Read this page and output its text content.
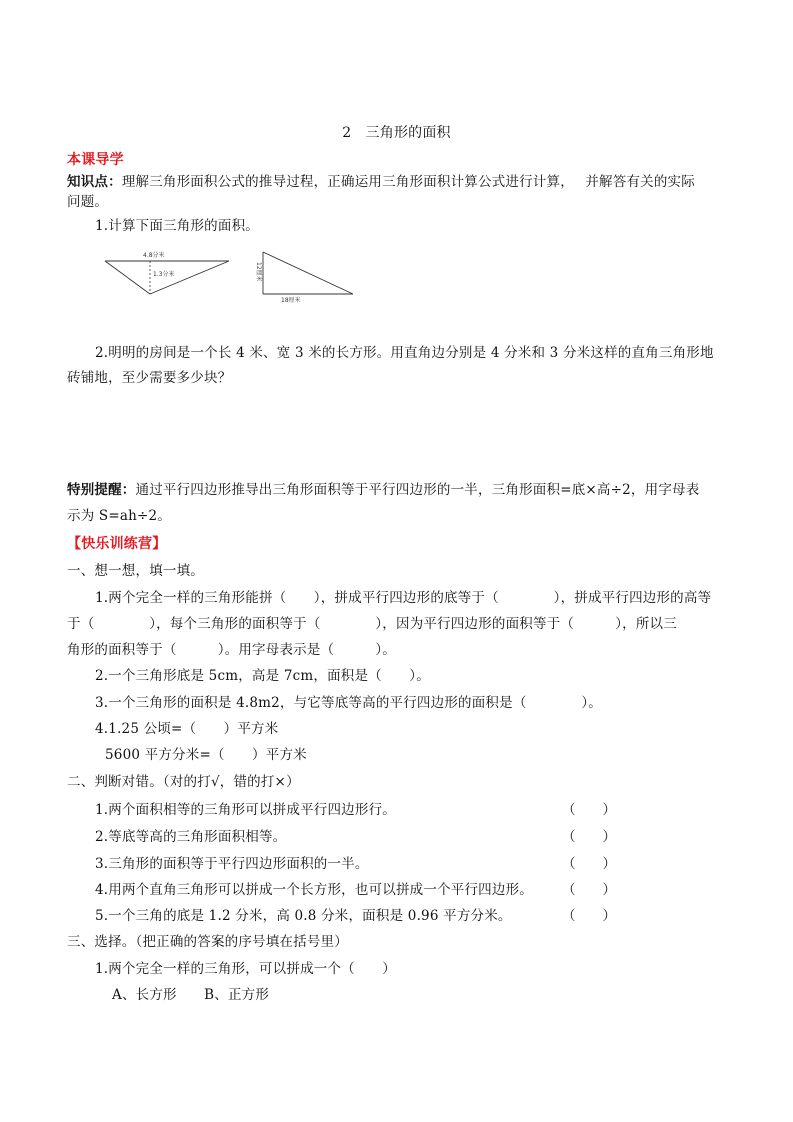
2　三角形的面积
本课导学
知识点：理解三角形面积公式的推导过程，正确运用三角形面积计算公式进行计算，　 并解答有关的实际
问题。
1.计算下面三角形的面积。
4.8分米
1.3分米	12厘米
18厘米
2.明明的房间是一个长 4 米、宽 3 米的长方形。用直角边分别是 4 分米和 3 分米这样的直角三角形地
砖铺地，至少需要多少块？
特别提醒：通过平行四边形推导出三角形面积等于平行四边形的一半，三角形面积=底×高÷2，用字母表
示为 S=ah÷2。
【快乐训练营】
一、想一想，填一填。
1.两个完全一样的三角形能拼（　　），拼成平行四边形的底等于（　　　　），拼成平行四边形的高等
于（　　　　），每个三角形的面积等于（　　　　），因为平行四边形的面积等于（　　　），所以三
角形的面积等于（　　　）。用字母表示是（　　　）。
2.一个三角形底是 5cm，高是 7cm，面积是（　　）。
3.一个三角形的面积是 4.8m2，与它等底等高的平行四边形的面积是（　　　　）。
4.1.25 公顷=（　　）平方米
5600 平方分米=（　　）平方米
二、判断对错。（对的打√，错的打×）
1.两个面积相等的三角形可以拼成平行四边形行。	（　　）
2.等底等高的三角形面积相等。	（　　）
3.三角形的面积等于平行四边形面积的一半。	（　　）
4.用两个直角三角形可以拼成一个长方形，也可以拼成一个平行四边形。 （　　）
5.一个三角的底是 1.2 分米，高 0.8 分米，面积是 0.96 平方分米。	（　　）
三、选择。（把正确的答案的序号填在括号里）
1.两个完全一样的三角形，可以拼成一个（　　）
A、长方形　　B、正方形
